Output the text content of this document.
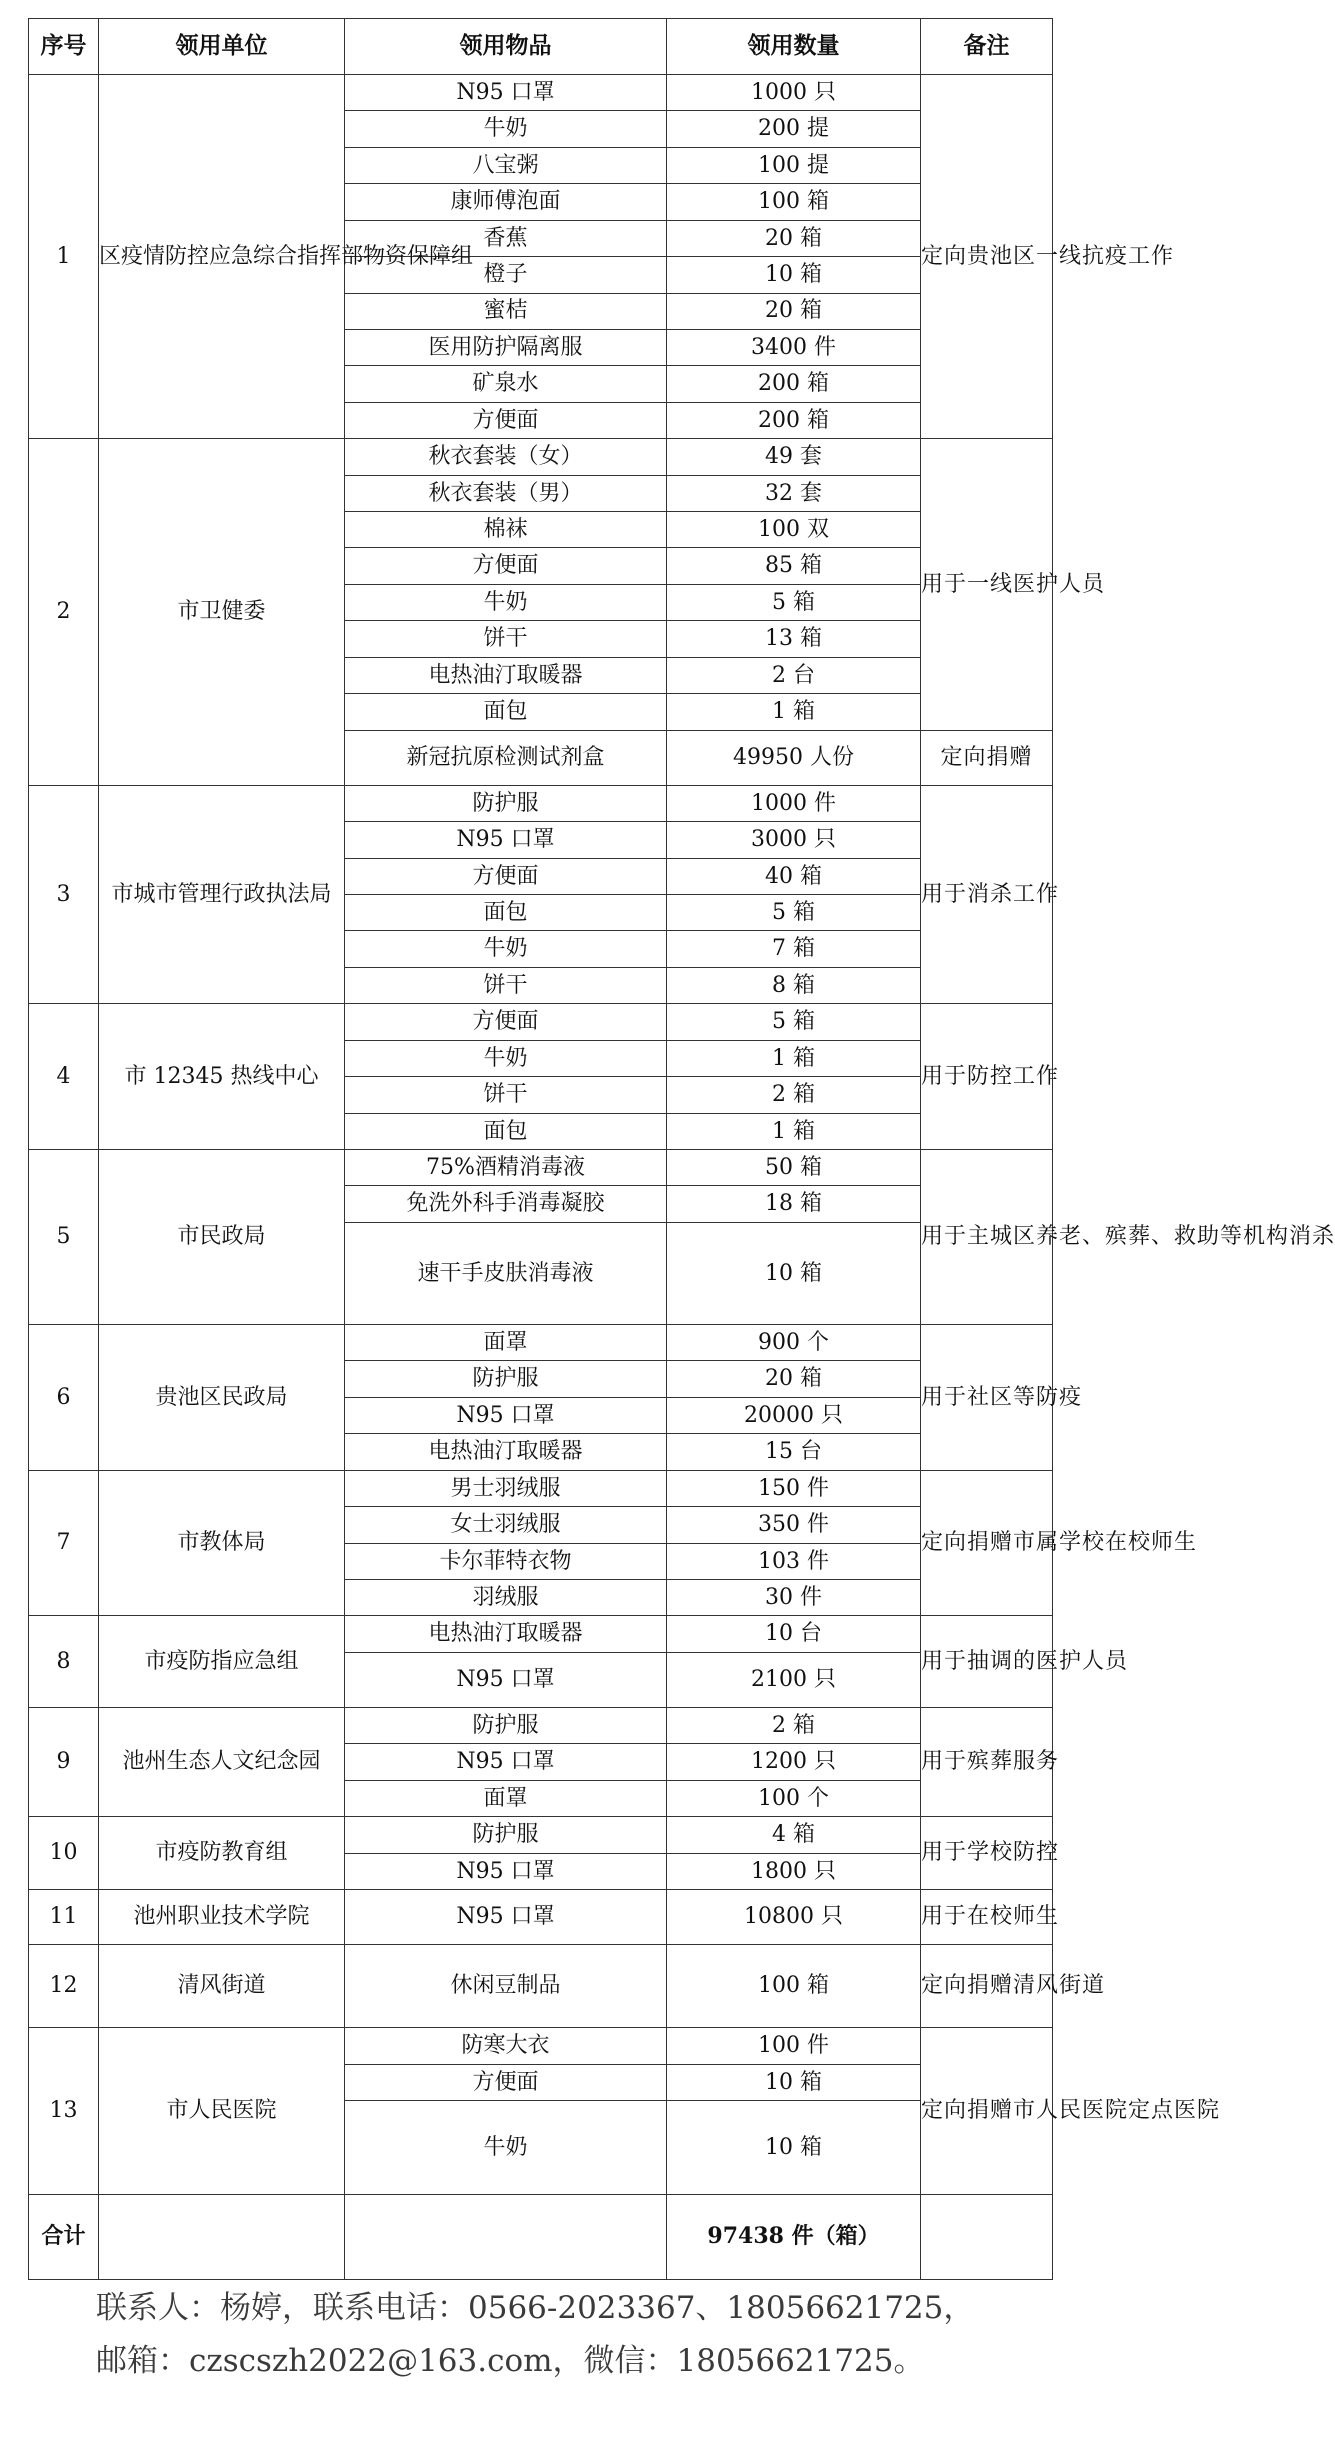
序号	领用单位	领用物品	领用数量	备注
1	区疫情防控应急综合指挥部物资保障组	N95 口罩	1000 只	定向贵池区一线抗疫工作
		牛奶	200 提	
		八宝粥	100 提	
		康师傅泡面	100 箱	
		香蕉	20 箱	
		橙子	10 箱	
		蜜桔	20 箱	
		医用防护隔离服	3400 件	
		矿泉水	200 箱	
		方便面	200 箱	
2	市卫健委	秋衣套装（女）	49 套	用于一线医护人员
		秋衣套装（男）	32 套	
		棉袜	100 双	
		方便面	85 箱	
		牛奶	5 箱	
		饼干	13 箱	
		电热油汀取暖器	2 台	
		面包	1 箱	
		新冠抗原检测试剂盒	49950 人份	定向捐赠
3	市城市管理行政执法局	防护服	1000 件	用于消杀工作
		N95 口罩	3000 只	
		方便面	40 箱	
		面包	5 箱	
		牛奶	7 箱	
		饼干	8 箱	
4	市 12345 热线中心	方便面	5 箱	用于防控工作
		牛奶	1 箱	
		饼干	2 箱	
		面包	1 箱	
5	市民政局	75%酒精消毒液	50 箱	用于主城区养老、殡葬、救助等机构消杀
		免洗外科手消毒凝胶	18 箱	
		速干手皮肤消毒液	10 箱	
6	贵池区民政局	面罩	900 个	用于社区等防疫
		防护服	20 箱	
		N95 口罩	20000 只	
		电热油汀取暖器	15 台	
7	市教体局	男士羽绒服	150 件	定向捐赠市属学校在校师生
		女士羽绒服	350 件	
		卡尔菲特衣物	103 件	
		羽绒服	30 件	
8	市疫防指应急组	电热油汀取暖器	10 台	用于抽调的医护人员
		N95 口罩	2100 只	
9	池州生态人文纪念园	防护服	2 箱	用于殡葬服务
		N95 口罩	1200 只	
		面罩	100 个	
10	市疫防教育组	防护服	4 箱	用于学校防控
		N95 口罩	1800 只	
11	池州职业技术学院	N95 口罩	10800 只	用于在校师生
12	清风街道	休闲豆制品	100 箱	定向捐赠清风街道
13	市人民医院	防寒大衣	100 件	定向捐赠市人民医院定点医院
		方便面	10 箱	
		牛奶	10 箱	
合计			97438 件（箱）	

联系人：杨婷，联系电话：0566-2023367、18056621725，

邮箱：czscszh2022@163.com，微信：18056621725。
